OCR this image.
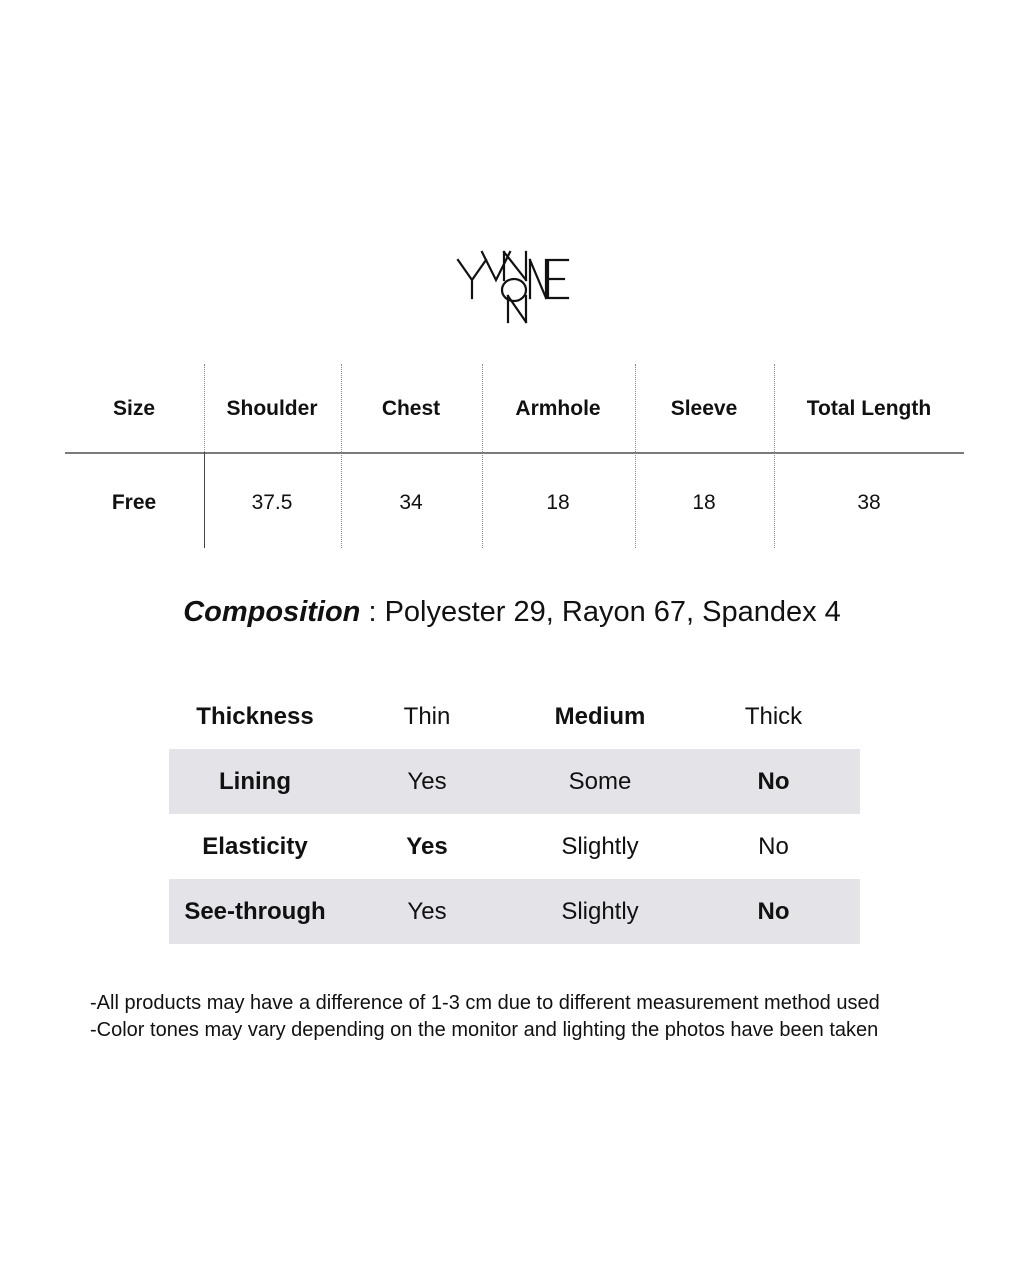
Size	Shoulder	Chest	Armhole	Sleeve	Total Length
Free	37.5	34	18	18	38
Composition : Polyester 29, Rayon 67, Spandex 4
Thickness	Thin	Medium	Thick
Lining	Yes	Some	No
Elasticity	Yes	Slightly	No
See-through	Yes	Slightly	No
-All products may have a difference of 1-3 cm due to different measurement method used
-Color tones may vary depending on the monitor and lighting the photos have been taken
